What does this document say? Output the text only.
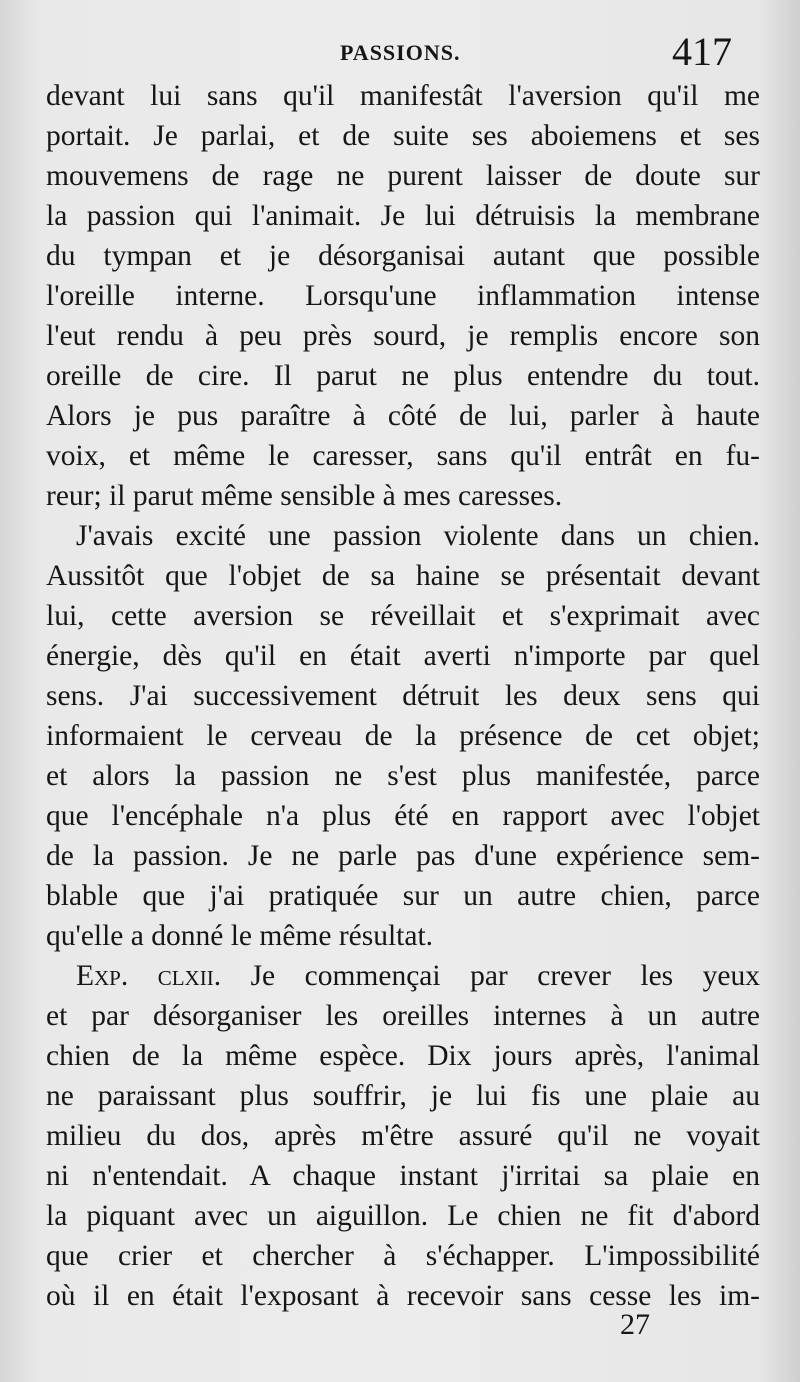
PASSIONS.	417
devant lui sans qu'il manifestât l'aversion qu'il me
portait. Je parlai, et de suite ses aboiemens et ses
mouvemens de rage ne purent laisser de doute sur
la passion qui l'animait. Je lui détruisis la membrane
du tympan et je désorganisai autant que possible
l'oreille interne. Lorsqu'une inflammation intense
l'eut rendu à peu près sourd, je remplis encore son
oreille de cire. Il parut ne plus entendre du tout.
Alors je pus paraître à côté de lui, parler à haute
voix, et même le caresser, sans qu'il entrât en fu-
reur; il parut même sensible à mes caresses.
J'avais excité une passion violente dans un chien.
Aussitôt que l'objet de sa haine se présentait devant
lui, cette aversion se réveillait et s'exprimait avec
énergie, dès qu'il en était averti n'importe par quel
sens. J'ai successivement détruit les deux sens qui
informaient le cerveau de la présence de cet objet;
et alors la passion ne s'est plus manifestée, parce
que l'encéphale n'a plus été en rapport avec l'objet
de la passion. Je ne parle pas d'une expérience sem-
blable que j'ai pratiquée sur un autre chien, parce
qu'elle a donné le même résultat.
Exp. clxii. Je commençai par crever les yeux
et par désorganiser les oreilles internes à un autre
chien de la même espèce. Dix jours après, l'animal
ne paraissant plus souffrir, je lui fis une plaie au
milieu du dos, après m'être assuré qu'il ne voyait
ni n'entendait. A chaque instant j'irritai sa plaie en
la piquant avec un aiguillon. Le chien ne fit d'abord
que crier et chercher à s'échapper. L'impossibilité
où il en était l'exposant à recevoir sans cesse les im-
27
